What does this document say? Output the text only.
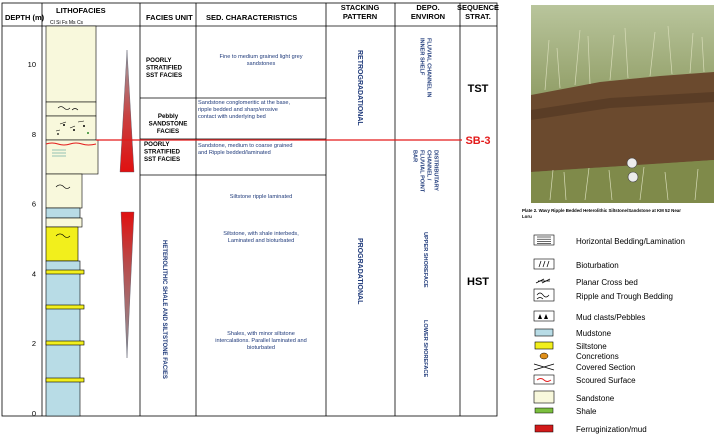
DEPTH (m)
LITHOFACIES
Cl Si Fs Ms Cs
FACIES UNIT SED. CHARACTERISTICS
STACKING PATTERN
DEPO. ENVIRON
SEQUENCE STRAT.
0
2
4
6
8
10	POORLY STRATIFIED SST FACIES
Pebbly SANDSTONE FACIES
POORLY STRATIFIED SST FACIES
HETEROLITHIC SHALE AND SILTSTONE FACIES
Fine to medium grained light grey sandstones
Sandstone conglomeritic at the base, ripple bedded and sharp/erosive contact with underlying bed
Sandstone, medium to coarse grained and Ripple bedded/laminated
Siltstone ripple laminated
Siltstone, with shale interbeds, Laminated and bioturbated
Shales, with minor siltstone intercalations. Parallel laminated and bioturbated
RETROGRADATIONAL
PROGRADATIONAL
FLUVIAL CHANNEL IN
INNER SHELF
DISTRIBUTARY
CHANNEL /
FLUVIAL POINT
BAR
UPPER SHOREFACE
LOWER SHOREFACE
TST
SB-3
HST
Plate 2. Wavy Ripple Bedded Heterolithic Siltstone/Sandstone at KM 52 Near Loru
Horizontal Bedding/Lamination
Bioturbation
Planar Cross bed
Ripple and Trough Bedding
Mud clasts/Pebbles
Mudstone
Siltstone
Concretions
Covered Section
Scoured Surface
Sandstone
Shale
Ferruginization/mud
